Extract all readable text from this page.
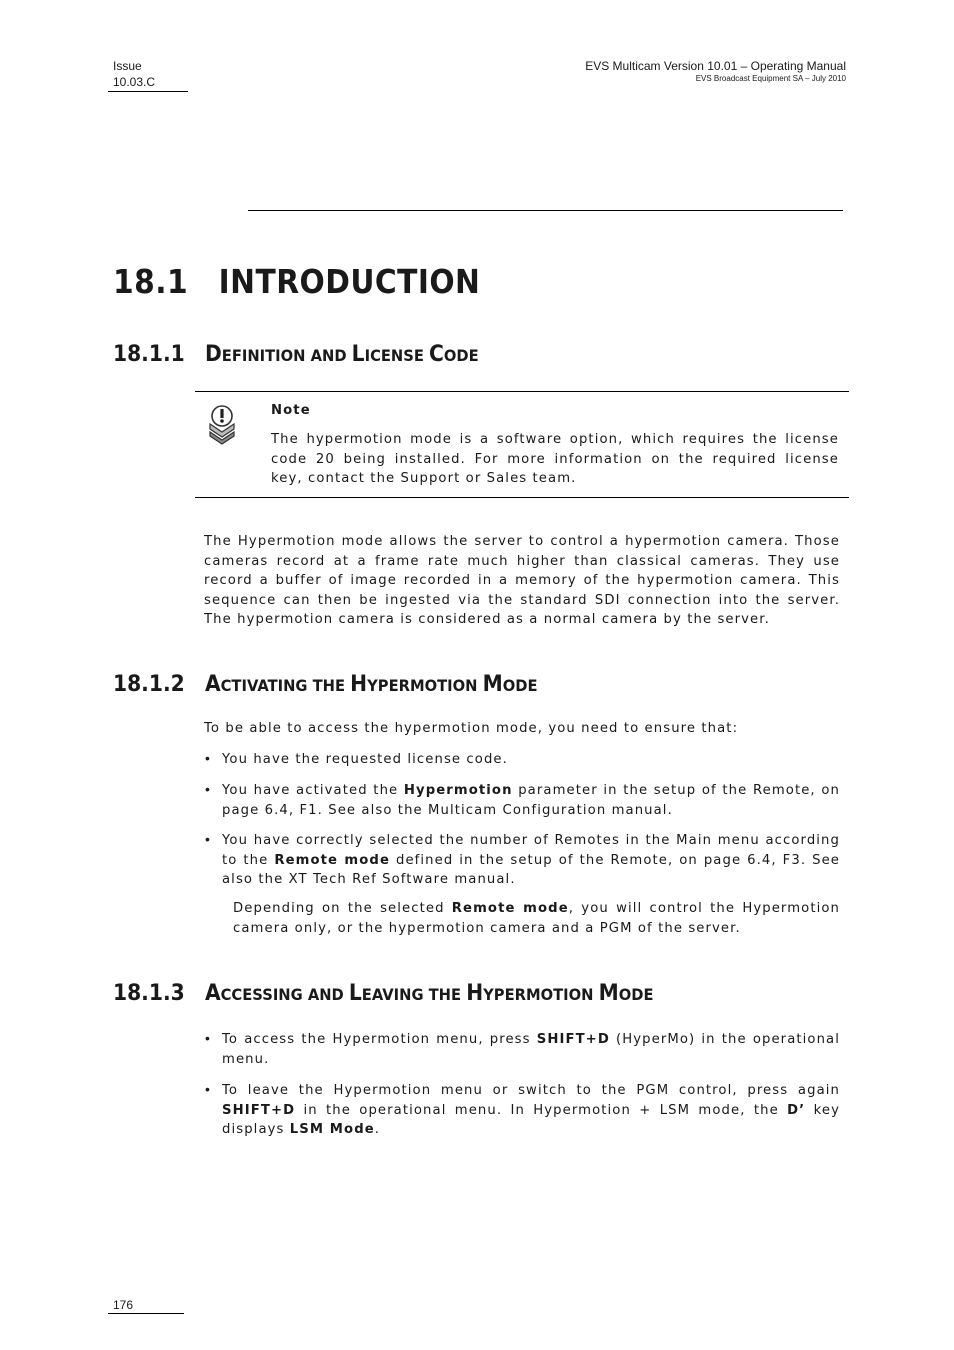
Issue
10.03.C
EVS Multicam Version 10.01 – Operating Manual
EVS Broadcast Equipment SA – July 2010
18.1 INTRODUCTION
18.1.1 DEFINITION AND LICENSE CODE
Note
The hypermotion mode is a software option, which requires the license code 20 being installed. For more information on the required license key, contact the Support or Sales team.
The Hypermotion mode allows the server to control a hypermotion camera. Those cameras record at a frame rate much higher than classical cameras. They use record a buffer of image recorded in a memory of the hypermotion camera. This sequence can then be ingested via the standard SDI connection into the server. The hypermotion camera is considered as a normal camera by the server.
18.1.2 ACTIVATING THE HYPERMOTION MODE
To be able to access the hypermotion mode, you need to ensure that:
• You have the requested license code.
• You have activated the Hypermotion parameter in the setup of the Remote, on page 6.4, F1. See also the Multicam Configuration manual.
• You have correctly selected the number of Remotes in the Main menu according to the Remote mode defined in the setup of the Remote, on page 6.4, F3. See also the XT Tech Ref Software manual.
Depending on the selected Remote mode, you will control the Hypermotion camera only, or the hypermotion camera and a PGM of the server.
18.1.3 ACCESSING AND LEAVING THE HYPERMOTION MODE
• To access the Hypermotion menu, press SHIFT+D (HyperMo) in the operational menu.
• To leave the Hypermotion menu or switch to the PGM control, press again SHIFT+D in the operational menu. In Hypermotion + LSM mode, the D’ key displays LSM Mode.
176
